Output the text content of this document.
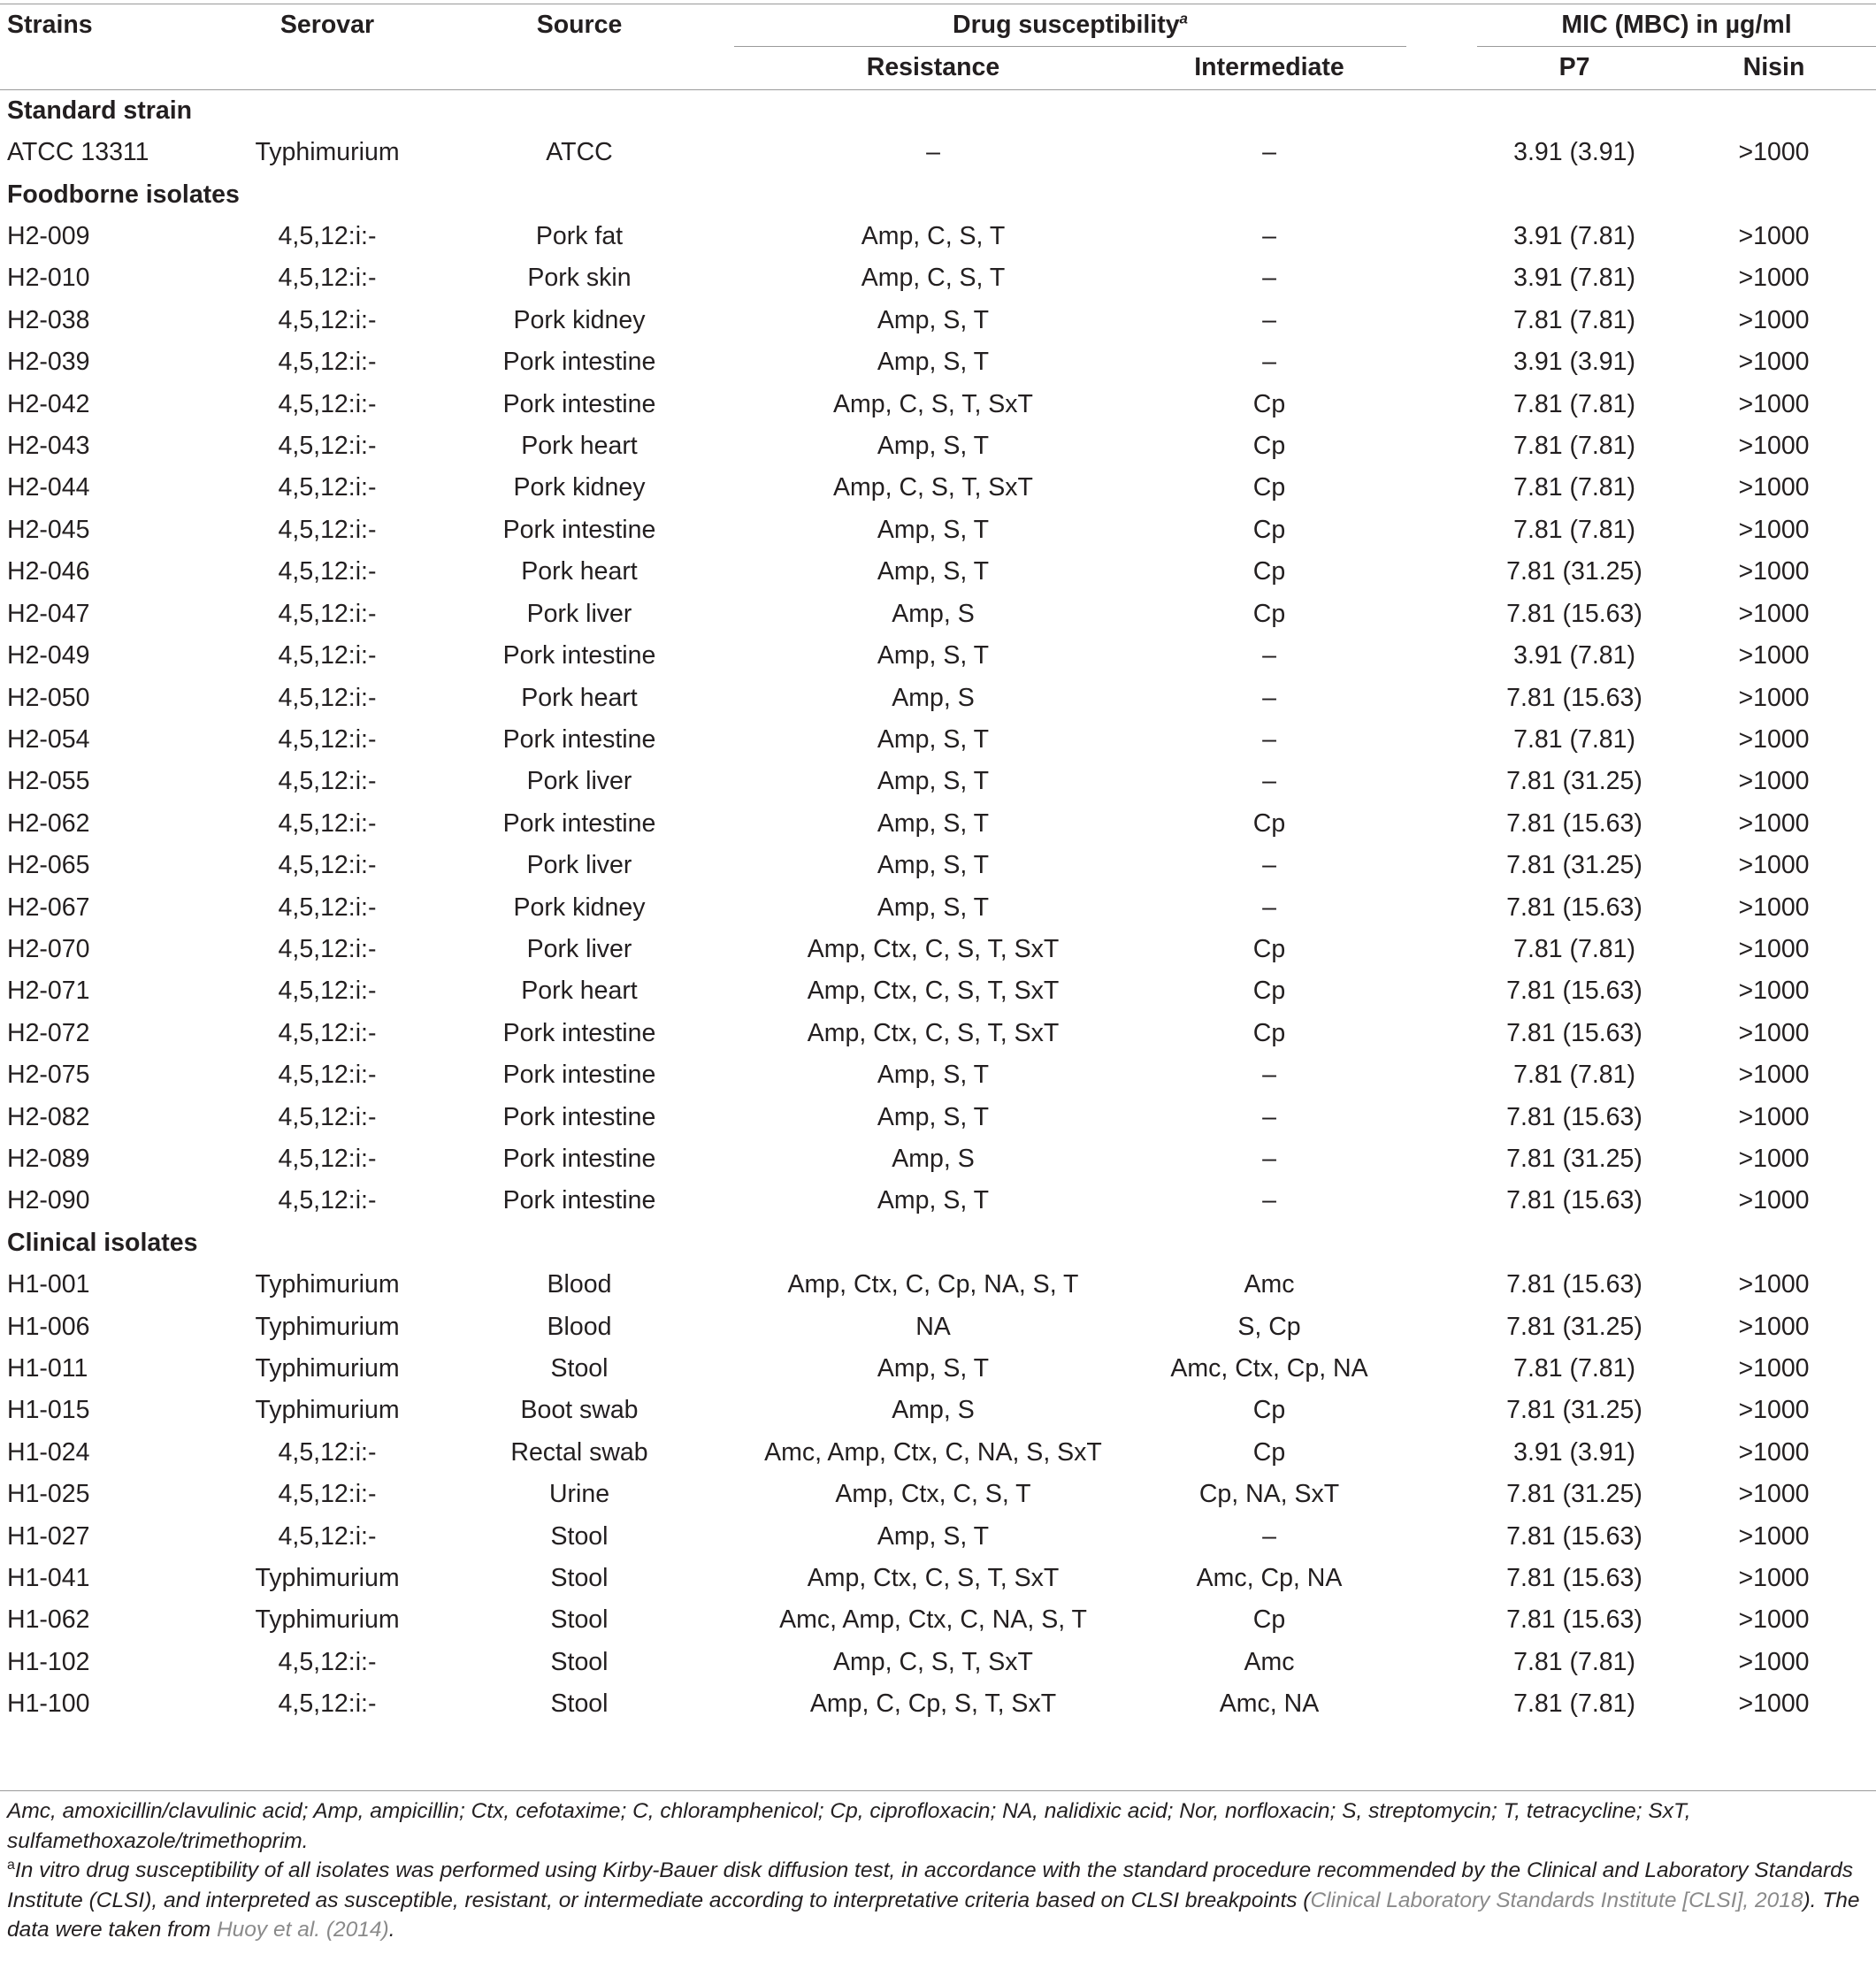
Strains	Serovar	Source		Drug susceptibility$^a$			MIC (MBC) in µg/ml	
				Resistance	Intermediate		P7	Nisin
Standard strain								
ATCC 13311	Typhimurium	ATCC		–	–		3.91 (3.91)	>1000
Foodborne isolates								
H2-009	4,5,12:i:-	Pork fat		Amp, C, S, T	–		3.91 (7.81)	>1000
H2-010	4,5,12:i:-	Pork skin		Amp, C, S, T	–		3.91 (7.81)	>1000
H2-038	4,5,12:i:-	Pork kidney		Amp, S, T	–		7.81 (7.81)	>1000
H2-039	4,5,12:i:-	Pork intestine		Amp, S, T	–		3.91 (3.91)	>1000
H2-042	4,5,12:i:-	Pork intestine		Amp, C, S, T, SxT	Cp		7.81 (7.81)	>1000
H2-043	4,5,12:i:-	Pork heart		Amp, S, T	Cp		7.81 (7.81)	>1000
H2-044	4,5,12:i:-	Pork kidney		Amp, C, S, T, SxT	Cp		7.81 (7.81)	>1000
H2-045	4,5,12:i:-	Pork intestine		Amp, S, T	Cp		7.81 (7.81)	>1000
H2-046	4,5,12:i:-	Pork heart		Amp, S, T	Cp		7.81 (31.25)	>1000
H2-047	4,5,12:i:-	Pork liver		Amp, S	Cp		7.81 (15.63)	>1000
H2-049	4,5,12:i:-	Pork intestine		Amp, S, T	–		3.91 (7.81)	>1000
H2-050	4,5,12:i:-	Pork heart		Amp, S	–		7.81 (15.63)	>1000
H2-054	4,5,12:i:-	Pork intestine		Amp, S, T	–		7.81 (7.81)	>1000
H2-055	4,5,12:i:-	Pork liver		Amp, S, T	–		7.81 (31.25)	>1000
H2-062	4,5,12:i:-	Pork intestine		Amp, S, T	Cp		7.81 (15.63)	>1000
H2-065	4,5,12:i:-	Pork liver		Amp, S, T	–		7.81 (31.25)	>1000
H2-067	4,5,12:i:-	Pork kidney		Amp, S, T	–		7.81 (15.63)	>1000
H2-070	4,5,12:i:-	Pork liver		Amp, Ctx, C, S, T, SxT	Cp		7.81 (7.81)	>1000
H2-071	4,5,12:i:-	Pork heart		Amp, Ctx, C, S, T, SxT	Cp		7.81 (15.63)	>1000
H2-072	4,5,12:i:-	Pork intestine		Amp, Ctx, C, S, T, SxT	Cp		7.81 (15.63)	>1000
H2-075	4,5,12:i:-	Pork intestine		Amp, S, T	–		7.81 (7.81)	>1000
H2-082	4,5,12:i:-	Pork intestine		Amp, S, T	–		7.81 (15.63)	>1000
H2-089	4,5,12:i:-	Pork intestine		Amp, S	–		7.81 (31.25)	>1000
H2-090	4,5,12:i:-	Pork intestine		Amp, S, T	–		7.81 (15.63)	>1000
Clinical isolates								
H1-001	Typhimurium	Blood		Amp, Ctx, C, Cp, NA, S, T	Amc		7.81 (15.63)	>1000
H1-006	Typhimurium	Blood		NA	S, Cp		7.81 (31.25)	>1000
H1-011	Typhimurium	Stool		Amp, S, T	Amc, Ctx, Cp, NA		7.81 (7.81)	>1000
H1-015	Typhimurium	Boot swab		Amp, S	Cp		7.81 (31.25)	>1000
H1-024	4,5,12:i:-	Rectal swab		Amc, Amp, Ctx, C, NA, S, SxT	Cp		3.91 (3.91)	>1000
H1-025	4,5,12:i:-	Urine		Amp, Ctx, C, S, T	Cp, NA, SxT		7.81 (31.25)	>1000
H1-027	4,5,12:i:-	Stool		Amp, S, T	–		7.81 (15.63)	>1000
H1-041	Typhimurium	Stool		Amp, Ctx, C, S, T, SxT	Amc, Cp, NA		7.81 (15.63)	>1000
H1-062	Typhimurium	Stool		Amc, Amp, Ctx, C, NA, S, T	Cp		7.81 (15.63)	>1000
H1-102	4,5,12:i:-	Stool		Amp, C, S, T, SxT	Amc		7.81 (7.81)	>1000
H1-100	4,5,12:i:-	Stool		Amp, C, Cp, S, T, SxT	Amc, NA		7.81 (7.81)	>1000

Amc, amoxicillin/clavulinic acid; Amp, ampicillin; Ctx, cefotaxime; C, chloramphenicol; Cp, ciprofloxacin; NA, nalidixic acid; Nor, norfloxacin; S, streptomycin; T, tetracycline; SxT, sulfamethoxazole/trimethoprim.

$^a$In vitro drug susceptibility of all isolates was performed using Kirby-Bauer disk diffusion test, in accordance with the standard procedure recommended by the Clinical and Laboratory Standards Institute (CLSI), and interpreted as susceptible, resistant, or intermediate according to interpretative criteria based on CLSI breakpoints (Clinical Laboratory Standards Institute [CLSI], 2018). The data were taken from Huoy et al. (2014).
